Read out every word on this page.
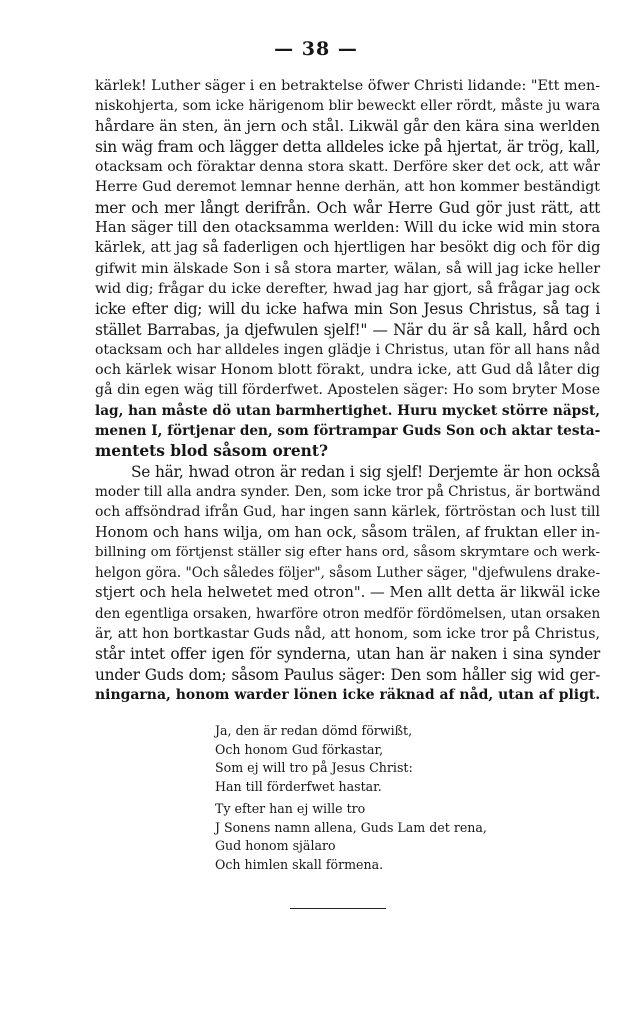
— 38 —
kärlek! Luther säger i en betraktelse öfwer Christi lidande: "Ett men-
niskohjerta, som icke härigenom blir beweckt eller rördt, måste ju wara
hårdare än sten, än jern och stål. Likwäl går den kära sina werlden
sin wäg fram och lägger detta alldeles icke på hjertat, är trög, kall,
otacksam och föraktar denna stora skatt. Derföre sker det ock, att wår
Herre Gud deremot lemnar henne derhän, att hon kommer beständigt
mer och mer långt derifrån. Och wår Herre Gud gör just rätt, att
Han säger till den otacksamma werlden: Will du icke wid min stora
kärlek, att jag så faderligen och hjertligen har besökt dig och för dig
gifwit min älskade Son i så stora marter, wälan, så will jag icke heller
wid dig; frågar du icke derefter, hwad jag har gjort, så frågar jag ock
icke efter dig; will du icke hafwa min Son Jesus Christus, så tag i
stället Barrabas, ja djefwulen sjelf!" — När du är så kall, hård och
otacksam och har alldeles ingen glädje i Christus, utan för all hans nåd
och kärlek wisar Honom blott förakt, undra icke, att Gud då låter dig
gå din egen wäg till förderfwet. Apostelen säger: Ho som bryter Mose
lag, han måste dö utan barmhertighet. Huru mycket större näpst,
menen I, förtjenar den, som förtrampar Guds Son och aktar testa-
mentets blod såsom orent?
Se här, hwad otron är redan i sig sjelf! Derjemte är hon också
moder till alla andra synder. Den, som icke tror på Christus, är bortwänd
och affsöndrad ifrån Gud, har ingen sann kärlek, förtröstan och lust till
Honom och hans wilja, om han ock, såsom trälen, af fruktan eller in-
billning om förtjenst ställer sig efter hans ord, såsom skrymtare och werk-
helgon göra. "Och således följer", såsom Luther säger, "djefwulens drake-
stjert och hela helwetet med otron". — Men allt detta är likwäl icke
den egentliga orsaken, hwarföre otron medför fördömelsen, utan orsaken
är, att hon bortkastar Guds nåd, att honom, som icke tror på Christus,
står intet offer igen för synderna, utan han är naken i sina synder
under Guds dom; såsom Paulus säger: Den som håller sig wid ger-
ningarna, honom warder lönen icke räknad af nåd, utan af pligt.
Ja, den är redan dömd förwißt,
Och honom Gud förkastar,
Som ej will tro på Jesus Christ:
Han till förderfwet hastar.
Ty efter han ej wille tro
J Sonens namn allena, Guds Lam det rena,
Gud honom själaro
Och himlen skall förmena.
